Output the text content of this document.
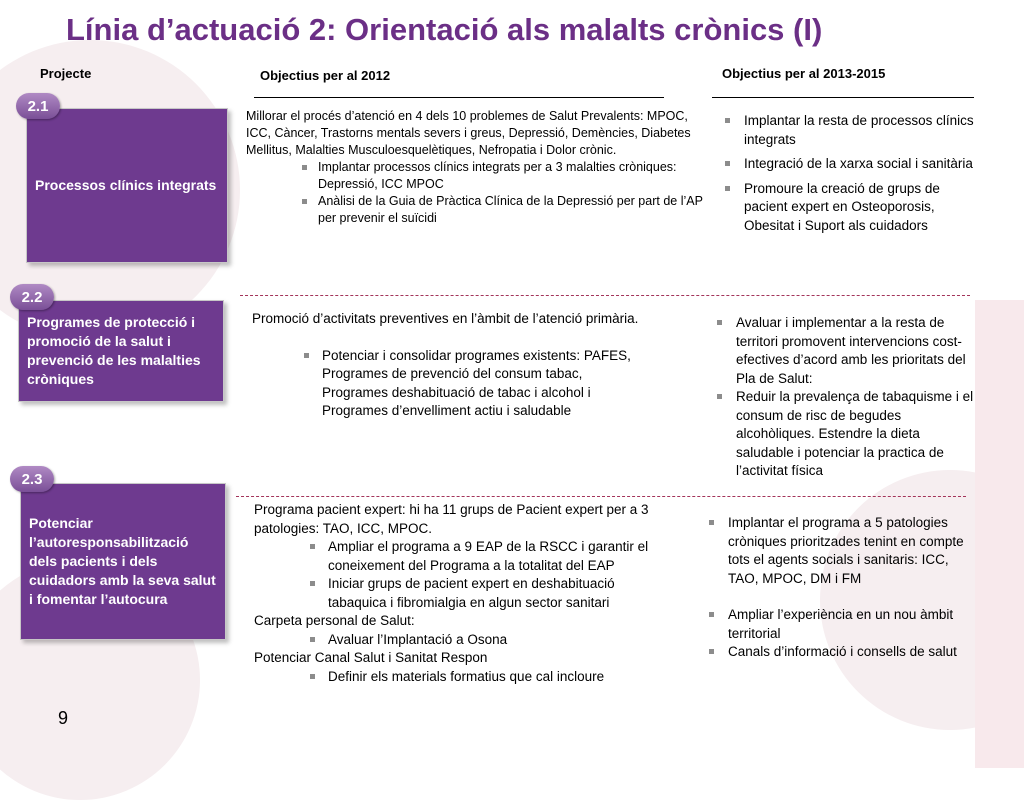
Línia d’actuació 2: Orientació als malalts crònics (I)
Projecte	Objectius per al 2012	Objectius per al 2013-2015
Processos clínics integrats
2.1

Millorar el procés d’atenció en 4 dels 10 problemes de Salut Prevalents: MPOC, ICC, Càncer, Trastorns mentals severs i greus, Depressió, Demències, Diabetes Mellitus, Malalties Musculoesquelètiques, Nefropatia i Dolor crònic.

Implantar processos clínics integrats per a 3 malalties cròniques: Depressió, ICC MPOC
Anàlisi de la Guia de Pràctica Clínica de la Depressió per part de l’AP per prevenir el suïcidi
Implantar la resta de processos clínics integrats
Integració de la xarxa social i sanitària
Promoure la creació de grups de pacient expert en Osteoporosis, Obesitat i Suport als cuidadors
Programes de protecció i promoció de la salut i prevenció de les malalties cròniques
2.2

Promoció d’activitats preventives en l’àmbit de l’atenció primària.

Potenciar i consolidar programes existents: PAFES, Programes de prevenció del consum tabac, Programes deshabituació de tabac i alcohol i Programes d’envelliment actiu i saludable
Avaluar i implementar a la resta de territori promovent intervencions cost-efectives d’acord amb les prioritats del Pla de Salut:
Reduir la prevalença de tabaquisme i el consum de risc de begudes alcohòliques. Estendre la dieta saludable i potenciar la practica de l’activitat física
Potenciar l’autoresponsabilització dels pacients i dels cuidadors amb la seva salut i fomentar l’autocura
2.3

Programa pacient expert: hi ha 11 grups de Pacient expert per a 3 patologies: TAO, ICC, MPOC.

Ampliar el programa a 9 EAP de la RSCC i garantir el coneixement del Programa a la totalitat del EAP
Iniciar grups de pacient expert en deshabituació tabaquica i fibromialgia en algun sector sanitari

Carpeta personal de Salut:

Avaluar l’Implantació a Osona

Potenciar Canal Salut i Sanitat Respon

Definir els materials formatius que cal incloure
Implantar el programa a 5 patologies cròniques prioritzades tenint en compte tots el agents socials i sanitaris: ICC, TAO, MPOC, DM i FM
Ampliar l’experiència en un nou àmbit territorial
Canals d’informació i consells de salut
9
